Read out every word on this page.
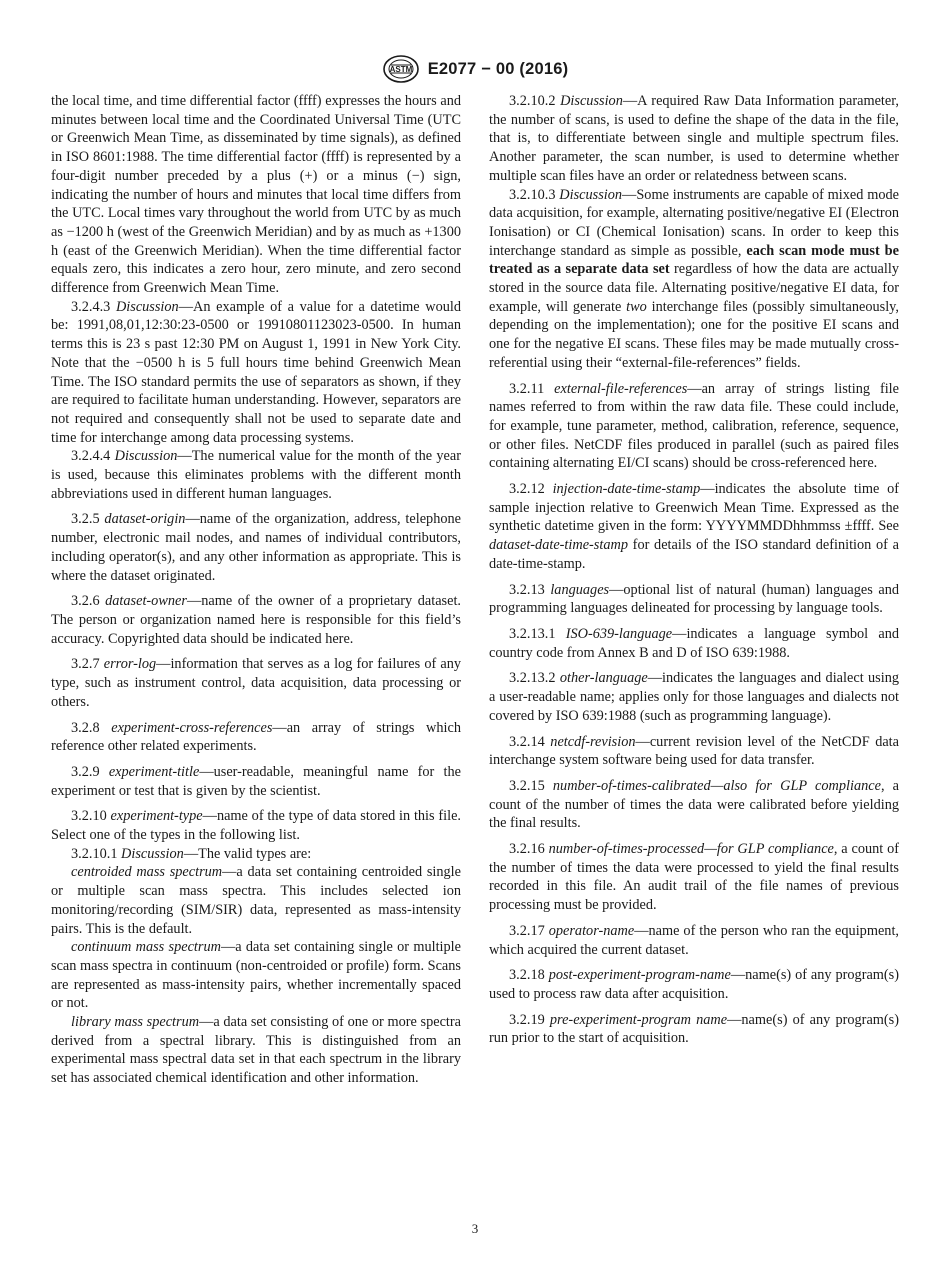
ASTM E2077 − 00 (2016)

the local time, and time differential factor (ffff) expresses the hours and minutes between local time and the Coordinated Universal Time (UTC or Greenwich Mean Time, as disseminated by time signals), as defined in ISO 8601:1988. The time differential factor (ffff) is represented by a four-digit number preceded by a plus (+) or a minus (−) sign, indicating the number of hours and minutes that local time differs from the UTC. Local times vary throughout the world from UTC by as much as −1200 h (west of the Greenwich Meridian) and by as much as +1300 h (east of the Greenwich Meridian). When the time differential factor equals zero, this indicates a zero hour, zero minute, and zero second difference from Greenwich Mean Time.

3.2.4.3 Discussion—An example of a value for a datetime would be: 1991,08,01,12:30:23-0500 or 19910801123023-0500. In human terms this is 23 s past 12:30 PM on August 1, 1991 in New York City. Note that the −0500 h is 5 full hours time behind Greenwich Mean Time. The ISO standard permits the use of separators as shown, if they are required to facilitate human understanding. However, separators are not required and consequently shall not be used to separate date and time for interchange among data processing systems.

3.2.4.4 Discussion—The numerical value for the month of the year is used, because this eliminates problems with the different month abbreviations used in different human languages.

3.2.5 dataset-origin—name of the organization, address, telephone number, electronic mail nodes, and names of individual contributors, including operator(s), and any other information as appropriate. This is where the dataset originated.

3.2.6 dataset-owner—name of the owner of a proprietary dataset. The person or organization named here is responsible for this field’s accuracy. Copyrighted data should be indicated here.

3.2.7 error-log—information that serves as a log for failures of any type, such as instrument control, data acquisition, data processing or others.

3.2.8 experiment-cross-references—an array of strings which reference other related experiments.

3.2.9 experiment-title—user-readable, meaningful name for the experiment or test that is given by the scientist.

3.2.10 experiment-type—name of the type of data stored in this file. Select one of the types in the following list.

3.2.10.1 Discussion—The valid types are:

centroided mass spectrum—a data set containing centroided single or multiple scan mass spectra. This includes selected ion monitoring/recording (SIM/SIR) data, represented as mass-intensity pairs. This is the default.

continuum mass spectrum—a data set containing single or multiple scan mass spectra in continuum (non-centroided or profile) form. Scans are represented as mass-intensity pairs, whether incrementally spaced or not.

library mass spectrum—a data set consisting of one or more spectra derived from a spectral library. This is distinguished from an experimental mass spectral data set in that each spectrum in the library set has associated chemical identification and other information.

3.2.10.2 Discussion—A required Raw Data Information parameter, the number of scans, is used to define the shape of the data in the file, that is, to differentiate between single and multiple spectrum files. Another parameter, the scan number, is used to determine whether multiple scan files have an order or relatedness between scans.

3.2.10.3 Discussion—Some instruments are capable of mixed mode data acquisition, for example, alternating positive/negative EI (Electron Ionisation) or CI (Chemical Ionisation) scans. In order to keep this interchange standard as simple as possible, each scan mode must be treated as a separate data set regardless of how the data are actually stored in the source data file. Alternating positive/negative EI data, for example, will generate two interchange files (possibly simultaneously, depending on the implementation); one for the positive EI scans and one for the negative EI scans. These files may be made mutually cross-referential using their “external-file-references” fields.

3.2.11 external-file-references—an array of strings listing file names referred to from within the raw data file. These could include, for example, tune parameter, method, calibration, reference, sequence, or other files. NetCDF files produced in parallel (such as paired files containing alternating EI/CI scans) should be cross-referenced here.

3.2.12 injection-date-time-stamp—indicates the absolute time of sample injection relative to Greenwich Mean Time. Expressed as the synthetic datetime given in the form: YYYYMMDDhhmmss ±ffff. See dataset-date-time-stamp for details of the ISO standard definition of a date-time-stamp.

3.2.13 languages—optional list of natural (human) languages and programming languages delineated for processing by language tools.

3.2.13.1 ISO-639-language—indicates a language symbol and country code from Annex B and D of ISO 639:1988.

3.2.13.2 other-language—indicates the languages and dialect using a user-readable name; applies only for those languages and dialects not covered by ISO 639:1988 (such as programming language).

3.2.14 netcdf-revision—current revision level of the NetCDF data interchange system software being used for data transfer.

3.2.15 number-of-times-calibrated—also for GLP compliance, a count of the number of times the data were calibrated before yielding the final results.

3.2.16 number-of-times-processed—for GLP compliance, a count of the number of times the data were processed to yield the final results recorded in this file. An audit trail of the file names of previous processing must be provided.

3.2.17 operator-name—name of the person who ran the equipment, which acquired the current dataset.

3.2.18 post-experiment-program-name—name(s) of any program(s) used to process raw data after acquisition.

3.2.19 pre-experiment-program name—name(s) of any program(s) run prior to the start of acquisition.

3
